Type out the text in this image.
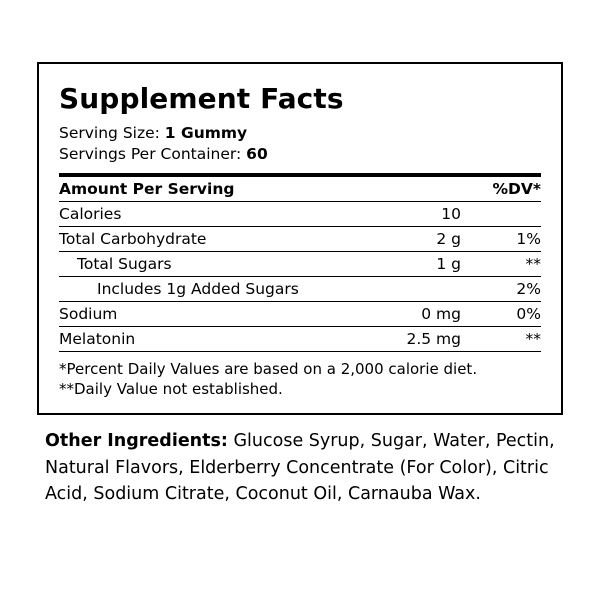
Supplement Facts
Serving Size: 1 Gummy
Servings Per Container: 60
Amount Per Serving		%DV*
Calories	10	
Total Carbohydrate	2 g	1%
Total Sugars	1 g	**
Includes 1g Added Sugars		2%
Sodium	0 mg	0%
Melatonin	2.5 mg	**
*Percent Daily Values are based on a 2,000 calorie diet.
**Daily Value not established.
Other Ingredients: Glucose Syrup, Sugar, Water, Pectin, Natural Flavors, Elderberry Concentrate (For Color), Citric Acid, Sodium Citrate, Coconut Oil, Carnauba Wax.
